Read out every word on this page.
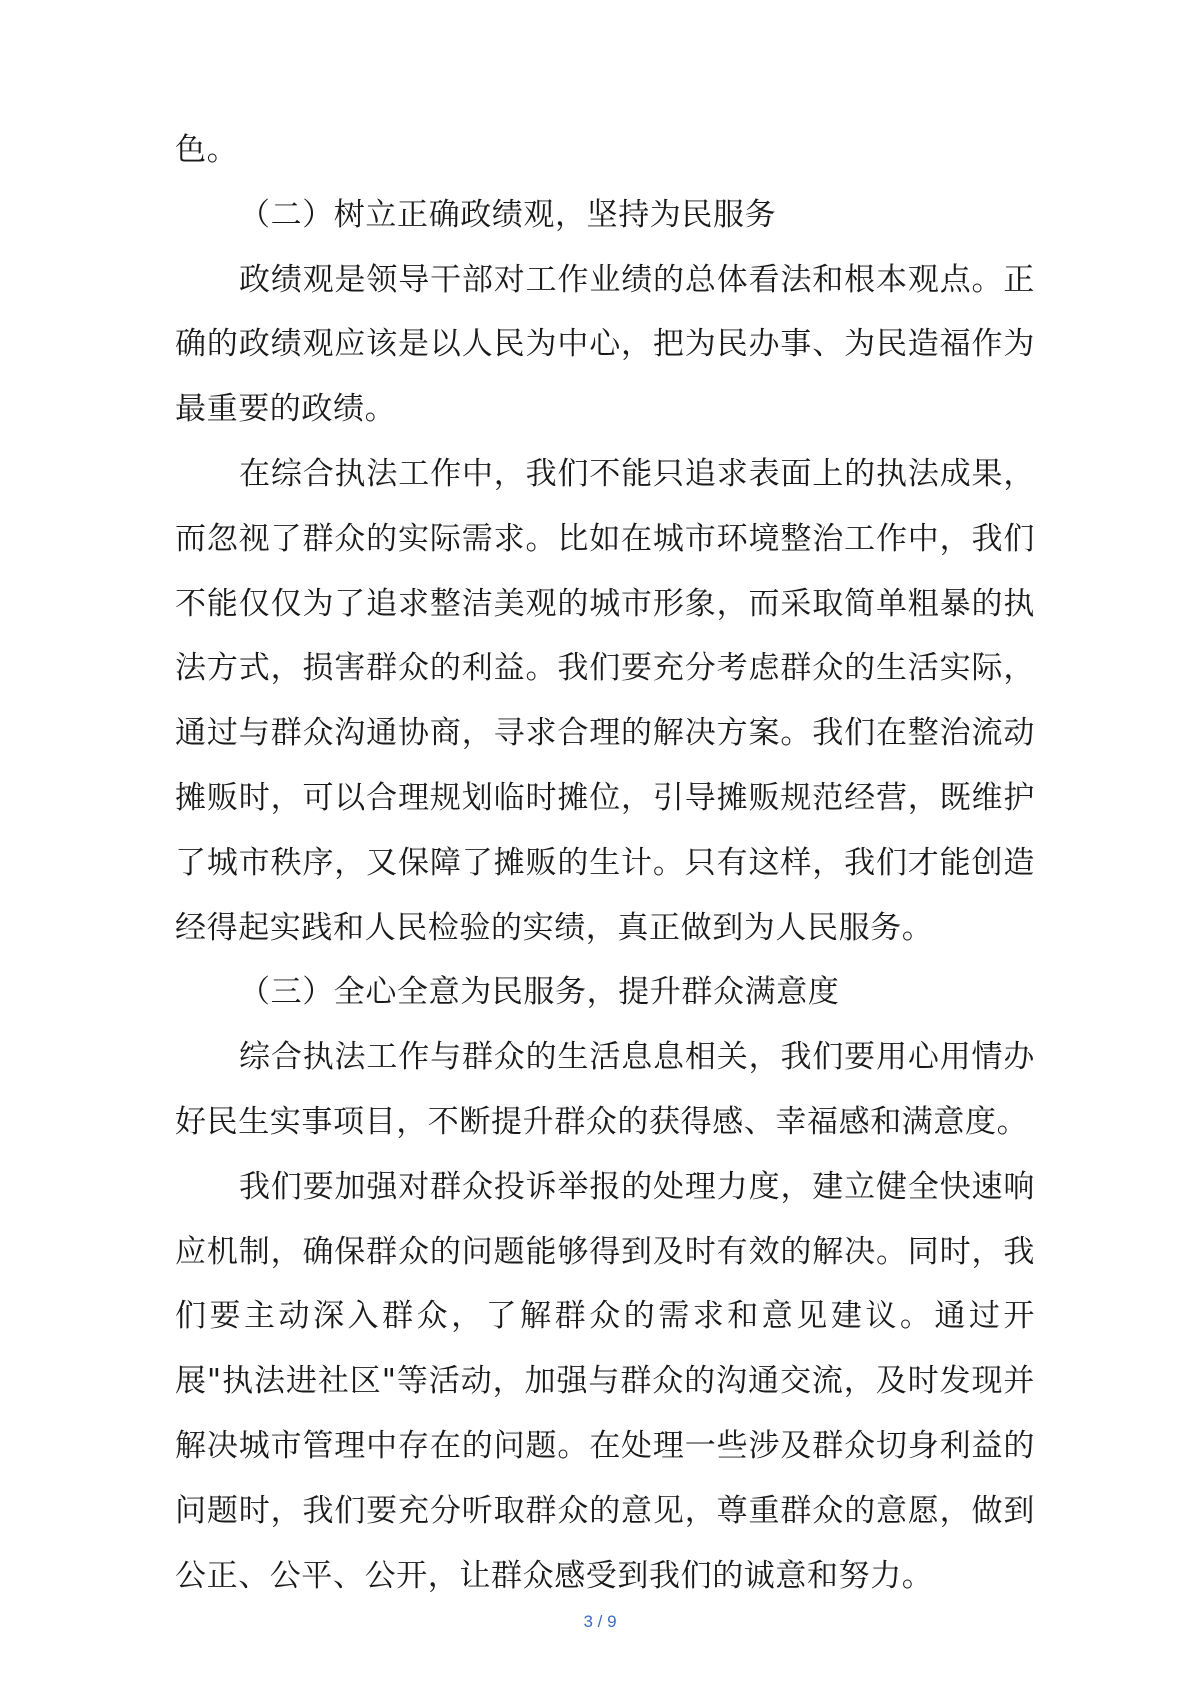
色。

（二）树立正确政绩观，坚持为民服务

政绩观是领导干部对工作业绩的总体看法和根本观点。正确的政绩观应该是以人民为中心，把为民办事、为民造福作为最重要的政绩。

在综合执法工作中，我们不能只追求表面上的执法成果，而忽视了群众的实际需求。比如在城市环境整治工作中，我们不能仅仅为了追求整洁美观的城市形象，而采取简单粗暴的执法方式，损害群众的利益。我们要充分考虑群众的生活实际，通过与群众沟通协商，寻求合理的解决方案。我们在整治流动摊贩时，可以合理规划临时摊位，引导摊贩规范经营，既维护了城市秩序，又保障了摊贩的生计。只有这样，我们才能创造经得起实践和人民检验的实绩，真正做到为人民服务。

（三）全心全意为民服务，提升群众满意度

综合执法工作与群众的生活息息相关，我们要用心用情办好民生实事项目，不断提升群众的获得感、幸福感和满意度。

我们要加强对群众投诉举报的处理力度，建立健全快速响应机制，确保群众的问题能够得到及时有效的解决。同时，我们要主动深入群众，了解群众的需求和意见建议。通过开展"执法进社区"等活动，加强与群众的沟通交流，及时发现并解决城市管理中存在的问题。在处理一些涉及群众切身利益的问题时，我们要充分听取群众的意见，尊重群众的意愿，做到公正、公平、公开，让群众感受到我们的诚意和努力。

3 / 9
